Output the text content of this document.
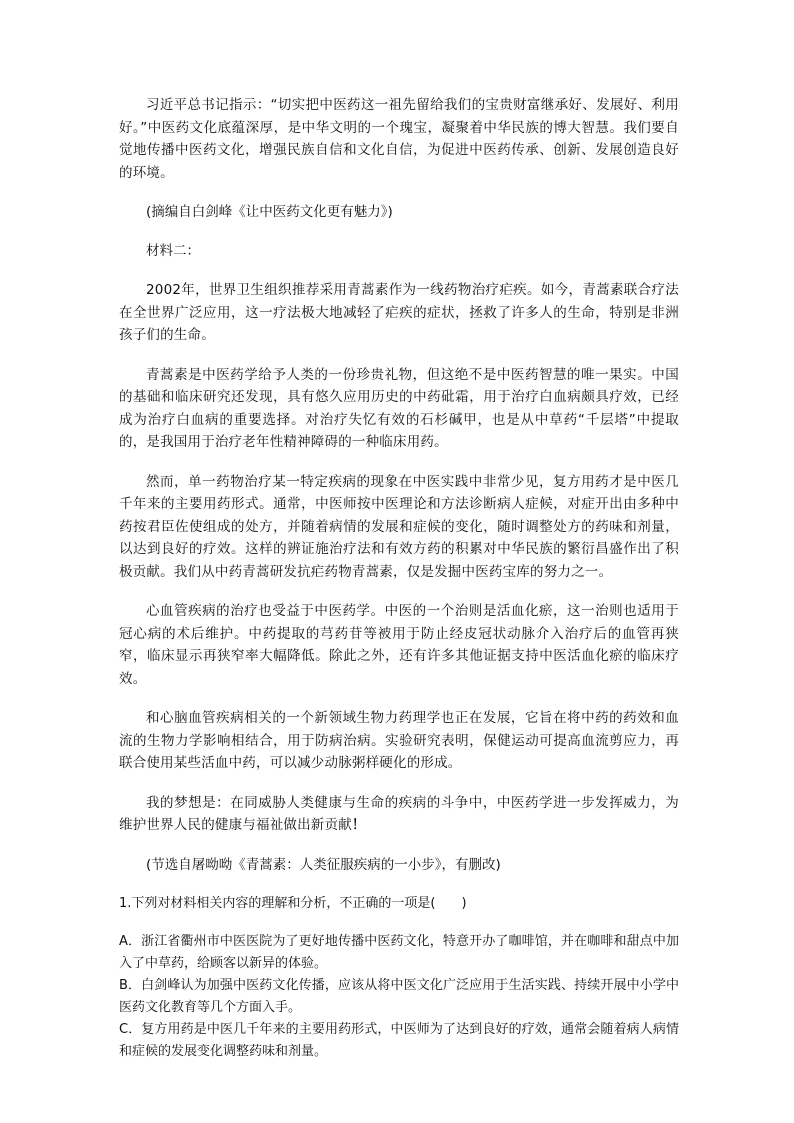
习近平总书记指示：“切实把中医药这一祖先留给我们的宝贵财富继承好、发展好、利用好。”中医药文化底蕴深厚，是中华文明的一个瑰宝，凝聚着中华民族的博大智慧。我们要自觉地传播中医药文化，增强民族自信和文化自信，为促进中医药传承、创新、发展创造良好的环境。

(摘编自白剑峰《让中医药文化更有魅力》)

材料二：

2002年，世界卫生组织推荐采用青蒿素作为一线药物治疗疟疾。如今，青蒿素联合疗法在全世界广泛应用，这一疗法极大地减轻了疟疾的症状，拯救了许多人的生命，特别是非洲孩子们的生命。

青蒿素是中医药学给予人类的一份珍贵礼物，但这绝不是中医药智慧的唯一果实。中国的基础和临床研究还发现，具有悠久应用历史的中药砒霜，用于治疗白血病颇具疗效，已经成为治疗白血病的重要选择。对治疗失忆有效的石杉碱甲，也是从中草药“千层塔”中提取的，是我国用于治疗老年性精神障碍的一种临床用药。

然而，单一药物治疗某一特定疾病的现象在中医实践中非常少见，复方用药才是中医几千年来的主要用药形式。通常，中医师按中医理论和方法诊断病人症候，对症开出由多种中药按君臣佐使组成的处方，并随着病情的发展和症候的变化，随时调整处方的药味和剂量，以达到良好的疗效。这样的辨证施治疗法和有效方药的积累对中华民族的繁衍昌盛作出了积极贡献。我们从中药青蒿研发抗疟药物青蒿素，仅是发掘中医药宝库的努力之一。

心血管疾病的治疗也受益于中医药学。中医的一个治则是活血化瘀，这一治则也适用于冠心病的术后维护。中药提取的芎药苷等被用于防止经皮冠状动脉介入治疗后的血管再狭窄，临床显示再狭窄率大幅降低。除此之外，还有许多其他证据支持中医活血化瘀的临床疗效。

和心脑血管疾病相关的一个新领域生物力药理学也正在发展，它旨在将中药的药效和血流的生物力学影响相结合，用于防病治病。实验研究表明，保健运动可提高血流剪应力，再联合使用某些活血中药，可以减少动脉粥样硬化的形成。

我的梦想是：在同威胁人类健康与生命的疾病的斗争中，中医药学进一步发挥威力，为维护世界人民的健康与福祉做出新贡献！

(节选自屠呦呦《青蒿素：人类征服疾病的一小步》，有删改)

1.下列对材料相关内容的理解和分析，不正确的一项是(　　)

A．浙江省衢州市中医医院为了更好地传播中医药文化，特意开办了咖啡馆，并在咖啡和甜点中加入了中草药，给顾客以新异的体验。

B．白剑峰认为加强中医药文化传播，应该从将中医文化广泛应用于生活实践、持续开展中小学中医药文化教育等几个方面入手。

C．复方用药是中医几千年来的主要用药形式，中医师为了达到良好的疗效，通常会随着病人病情和症候的发展变化调整药味和剂量。
